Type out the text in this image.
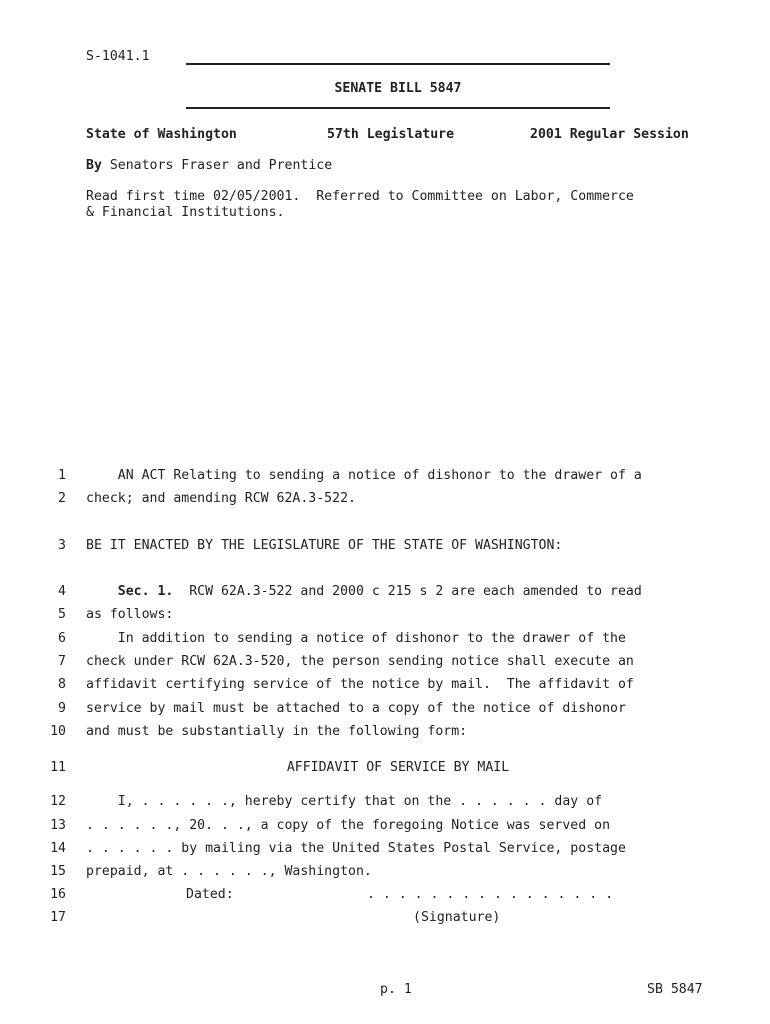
S-1041.1
SENATE BILL 5847
State of Washington	57th Legislature	2001 Regular Session
By Senators Fraser and Prentice
Read first time 02/05/2001.  Referred to Committee on Labor, Commerce
& Financial Institutions.
1 AN ACT Relating to sending a notice of dishonor to the drawer of a
2 check; and amending RCW 62A.3-522.
3 BE IT ENACTED BY THE LEGISLATURE OF THE STATE OF WASHINGTON:
4	Sec. 1.  RCW 62A.3-522 and 2000 c 215 s 2 are each amended to read
5 as follows:
6 In addition to sending a notice of dishonor to the drawer of the
7 check under RCW 62A.3-520, the person sending notice shall execute an
8 affidavit certifying service of the notice by mail.  The affidavit of
9 service by mail must be attached to a copy of the notice of dishonor
10 and must be substantially in the following form:
11	AFFIDAVIT OF SERVICE BY MAIL
12 I, . . . . . ., hereby certify that on the . . . . . . day of
13 . . . . . ., 20. . ., a copy of the foregoing Notice was served on
14 . . . . . . by mailing via the United States Postal Service, postage
15 prepaid, at . . . . . ., Washington.
16	Dated:	. . . . . . . . . . . . . . . .
17	(Signature)
p. 1	SB 5847
